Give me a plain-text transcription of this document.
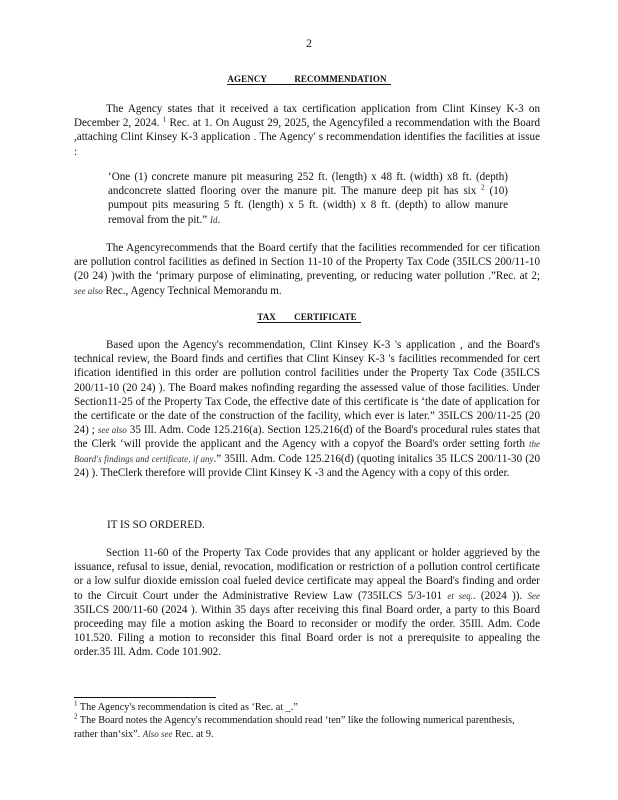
2
AGENCY   RECOMMENDATION
The Agency states that it received a tax certification application from Clint Kinsey K-3 on December 2, 2024. $^1$ Rec. at 1. On August 29, 2025, the Agencyfiled a recommendation with the Board ,attaching Clint Kinsey K-3 application . The Agency' s recommendation identifies the facilities at issue :
‘One (1) concrete manure pit measuring 252 ft. (length) x 48 ft. (width) x8 ft. (depth) andconcrete slatted flooring over the manure pit. The manure deep pit has six $^2$ (10) pumpout pits measuring 5 ft. (length) x 5 ft. (width) x 8 ft. (depth) to allow manure removal from the pit.” Id.
The Agencyrecommends that the Board certify that the facilities recommended for cer tification are pollution control facilities as defined in Section 11-10 of the Property Tax Code (35ILCS 200/11-10 (20 24) )with the ‘primary purpose of eliminating, preventing, or reducing water pollution .”Rec. at 2; see also Rec., Agency Technical Memorandu m.
TAX  CERTIFICATE
Based upon the Agency's recommendation, Clint Kinsey K-3 's application , and the Board's technical review, the Board finds and certifies that Clint Kinsey K-3 's facilities recommended for cert ification identified in this order are pollution control facilities under the Property Tax Code (35ILCS 200/11-10 (20 24) ). The Board makes nofinding regarding the assessed value of those facilities. Under Section11-25 of the Property Tax Code, the effective date of this certificate is ‘the date of application for the certificate or the date of the construction of the facility, which ever is later.” 35ILCS 200/11-25 (20 24) ; see also 35 Ill. Adm. Code 125.216(a). Section 125.216(d) of the Board's procedural rules states that the Clerk ‘will provide the applicant and the Agency with a copyof the Board's order setting forth the Board's findings and certificate, if any.” 35Ill. Adm. Code 125.216(d) (quoting initalics 35 ILCS 200/11-30 (20 24) ). TheClerk therefore will provide Clint Kinsey K -3 and the Agency with a copy of this order.
IT IS SO ORDERED.
Section 11-60 of the Property Tax Code provides that any applicant or holder aggrieved by the issuance, refusal to issue, denial, revocation, modification or restriction of a pollution control certificate or a low sulfur dioxide emission coal fueled device certificate may appeal the Board's finding and order to the Circuit Court under the Administrative Review Law (735ILCS 5/3-101 et seq.. (2024 )). See 35ILCS 200/11-60 (2024 ). Within 35 days after receiving this final Board order, a party to this Board proceeding may file a motion asking the Board to reconsider or modify the order. 35Ill. Adm. Code 101.520. Filing a motion to reconsider this final Board order is not a prerequisite to appealing the order.35 Ill. Adm. Code 101.902.
$^1$ The Agency's recommendation is cited as ‘Rec. at _.”
$^2$ The Board notes the Agency's recommendation should read ‘ten” like the following numerical parenthesis, rather than‘six”. Also see Rec. at 9.
